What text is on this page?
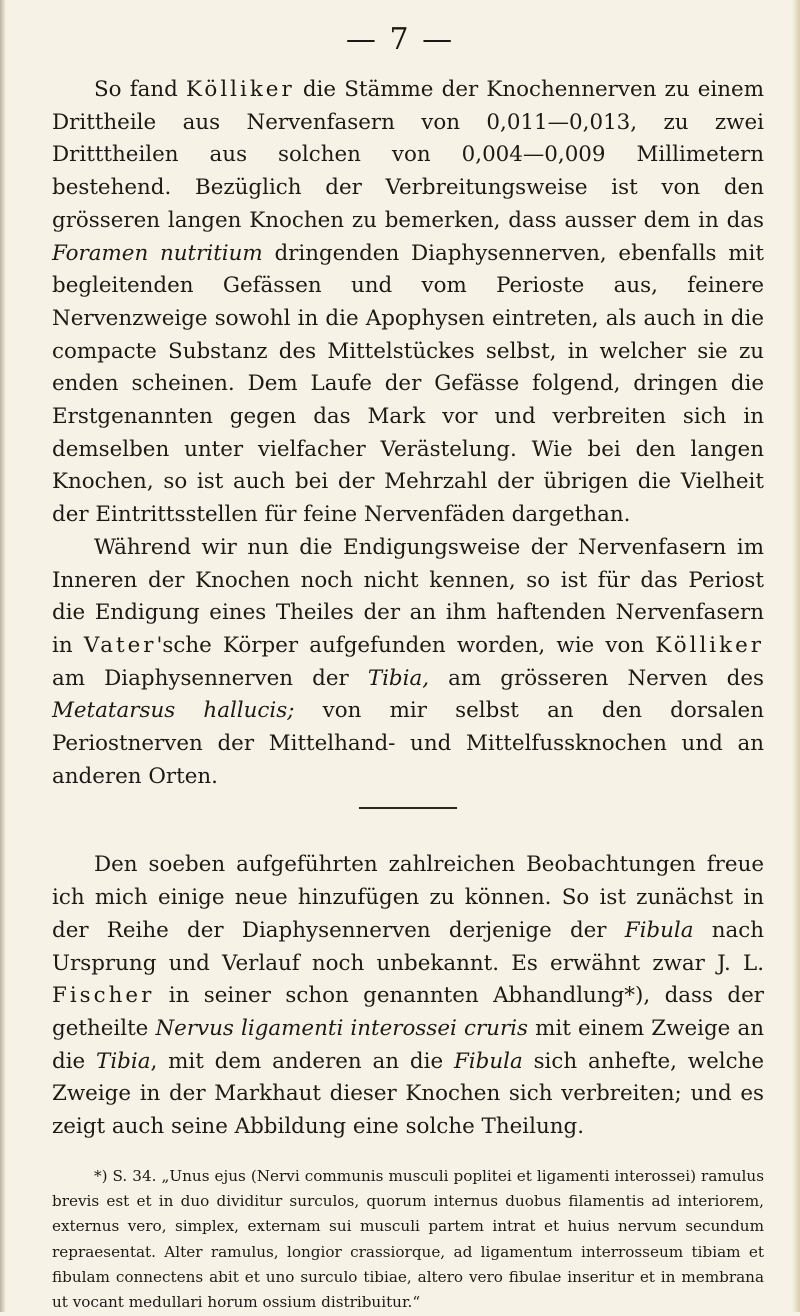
— 7 —

So fand Kölliker die Stämme der Knochennerven zu einem Drittheile aus Nervenfasern von 0,011—0,013, zu zwei Dritttheilen aus solchen von 0,004—0,009 Millimetern bestehend. Bezüglich der Verbreitungsweise ist von den grösseren langen Knochen zu bemerken, dass ausser dem in das Foramen nutritium dringenden Diaphysennerven, ebenfalls mit begleitenden Gefässen und vom Perioste aus, feinere Nervenzweige sowohl in die Apophysen eintreten, als auch in die compacte Substanz des Mittelstückes selbst, in welcher sie zu enden scheinen. Dem Laufe der Gefässe folgend, dringen die Erstgenannten gegen das Mark vor und verbreiten sich in demselben unter vielfacher Verästelung. Wie bei den langen Knochen, so ist auch bei der Mehrzahl der übrigen die Vielheit der Eintrittsstellen für feine Nervenfäden dargethan.

Während wir nun die Endigungsweise der Nervenfasern im Inneren der Knochen noch nicht kennen, so ist für das Periost die Endigung eines Theiles der an ihm haftenden Nervenfasern in Vater'sche Körper aufgefunden worden, wie von Kölliker am Diaphysennerven der Tibia, am grösseren Nerven des Metatarsus hallucis; von mir selbst an den dorsalen Periostnerven der Mittelhand- und Mittelfussknochen und an anderen Orten.

Den soeben aufgeführten zahlreichen Beobachtungen freue ich mich einige neue hinzufügen zu können. So ist zunächst in der Reihe der Diaphysennerven derjenige der Fibula nach Ursprung und Verlauf noch unbekannt. Es erwähnt zwar J. L. Fischer in seiner schon genannten Abhandlung*), dass der getheilte Nervus ligamenti interossei cruris mit einem Zweige an die Tibia, mit dem anderen an die Fibula sich anhefte, welche Zweige in der Markhaut dieser Knochen sich verbreiten; und es zeigt auch seine Abbildung eine solche Theilung.

*) S. 34. „Unus ejus (Nervi communis musculi poplitei et ligamenti interossei) ramulus brevis est et in duo dividitur surculos, quorum internus duobus filamentis ad interiorem, externus vero, simplex, externam sui musculi partem intrat et huius nervum secundum repraesentat. Alter ramulus, longior crassiorque, ad ligamentum interrosseum tibiam et fibulam connectens abit et uno surculo tibiae, altero vero fibulae inseritur et in membrana ut vocant medullari horum ossium distribuitur.“
